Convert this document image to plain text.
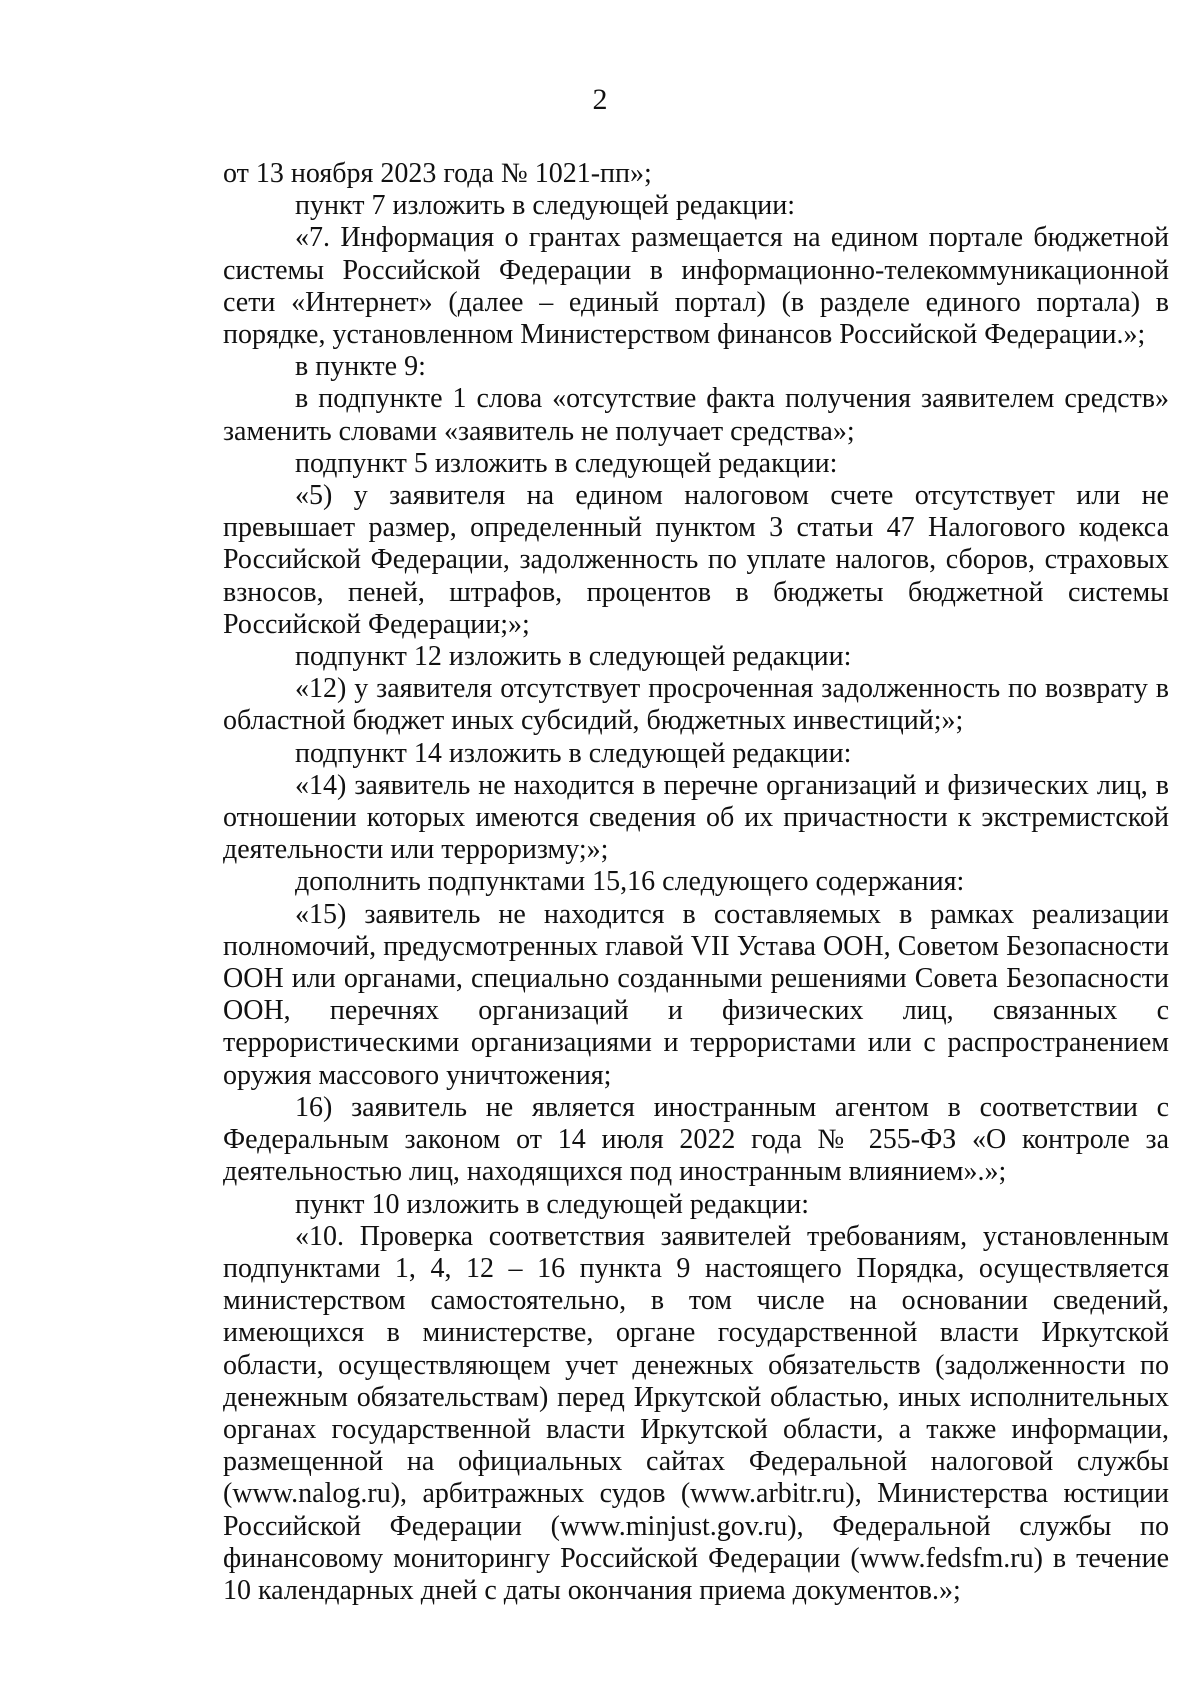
2

от 13 ноября 2023 года № 1021-пп»;

пункт 7 изложить в следующей редакции:

«7. Информация о грантах размещается на едином портале бюджетной системы Российской Федерации в информационно-телекоммуникационной сети «Интернет» (далее – единый портал) (в разделе единого портала) в порядке, установленном Министерством финансов Российской Федерации.»;

в пункте 9:

в подпункте 1 слова «отсутствие факта получения заявителем средств» заменить словами «заявитель не получает средства»;

подпункт 5 изложить в следующей редакции:

«5) у заявителя на едином налоговом счете отсутствует или не превышает размер, определенный пунктом 3 статьи 47 Налогового кодекса Российской Федерации, задолженность по уплате налогов, сборов, страховых взносов, пеней, штрафов, процентов в бюджеты бюджетной системы Российской Федерации;»;

подпункт 12 изложить в следующей редакции:

«12) у заявителя отсутствует просроченная задолженность по возврату в областной бюджет иных субсидий, бюджетных инвестиций;»;

подпункт 14 изложить в следующей редакции:

«14) заявитель не находится в перечне организаций и физических лиц, в отношении которых имеются сведения об их причастности к экстремистской деятельности или терроризму;»;

дополнить подпунктами 15,16 следующего содержания:

«15) заявитель не находится в составляемых в рамках реализации полномочий, предусмотренных главой VII Устава ООН, Советом Безопасности ООН или органами, специально созданными решениями Совета Безопасности ООН, перечнях организаций и физических лиц, связанных с террористическими организациями и террористами или с распространением оружия массового уничтожения;

16) заявитель не является иностранным агентом в соответствии с Федеральным законом от 14 июля 2022 года № 255-ФЗ «О контроле за деятельностью лиц, находящихся под иностранным влиянием».»;

пункт 10 изложить в следующей редакции:

«10. Проверка соответствия заявителей требованиям, установленным подпунктами 1, 4, 12 – 16 пункта 9 настоящего Порядка, осуществляется министерством самостоятельно, в том числе на основании сведений, имеющихся в министерстве, органе государственной власти Иркутской области, осуществляющем учет денежных обязательств (задолженности по денежным обязательствам) перед Иркутской областью, иных исполнительных органах государственной власти Иркутской области, а также информации, размещенной на официальных сайтах Федеральной налоговой службы (www.nalog.ru), арбитражных судов (www.arbitr.ru), Министерства юстиции Российской Федерации (www.minjust.gov.ru), Федеральной службы по финансовому мониторингу Российской Федерации (www.fedsfm.ru) в течение 10 календарных дней с даты окончания приема документов.»;
